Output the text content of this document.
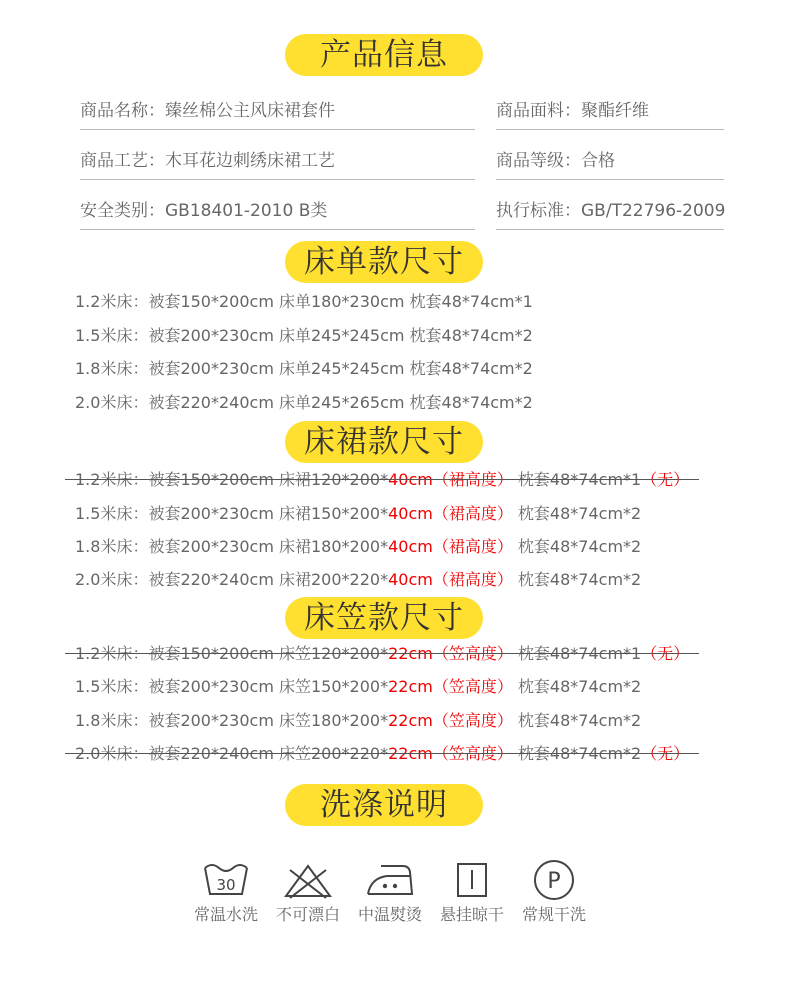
产品信息
商品名称：臻丝棉公主风床裙套件	商品面料：聚酯纤维
商品工艺：木耳花边刺绣床裙工艺	商品等级：合格
安全类别：GB18401-2010 B类	执行标准：GB/T22796-2009
床单款尺寸
1.2米床：被套150*200cm 床单180*230cm 枕套48*74cm*1
1.5米床：被套200*230cm 床单245*245cm 枕套48*74cm*2
1.8米床：被套200*230cm 床单245*245cm 枕套48*74cm*2
2.0米床：被套220*240cm 床单245*265cm 枕套48*74cm*2
床裙款尺寸
1.2米床：被套150*200cm 床裙120*200*40cm（裙高度） 枕套48*74cm*1（无）
1.5米床：被套200*230cm 床裙150*200*40cm（裙高度） 枕套48*74cm*2
1.8米床：被套200*230cm 床裙180*200*40cm（裙高度） 枕套48*74cm*2
2.0米床：被套220*240cm 床裙200*220*40cm（裙高度） 枕套48*74cm*2
床笠款尺寸
1.2米床：被套150*200cm 床笠120*200*22cm（笠高度） 枕套48*74cm*1（无）
1.5米床：被套200*230cm 床笠150*200*22cm（笠高度） 枕套48*74cm*2
1.8米床：被套200*230cm 床笠180*200*22cm（笠高度） 枕套48*74cm*2
2.0米床：被套220*240cm 床笠200*220*22cm（笠高度） 枕套48*74cm*2（无）
洗涤说明
30
常温水洗	不可漂白	中温熨烫	悬挂晾干
P
常规干洗
